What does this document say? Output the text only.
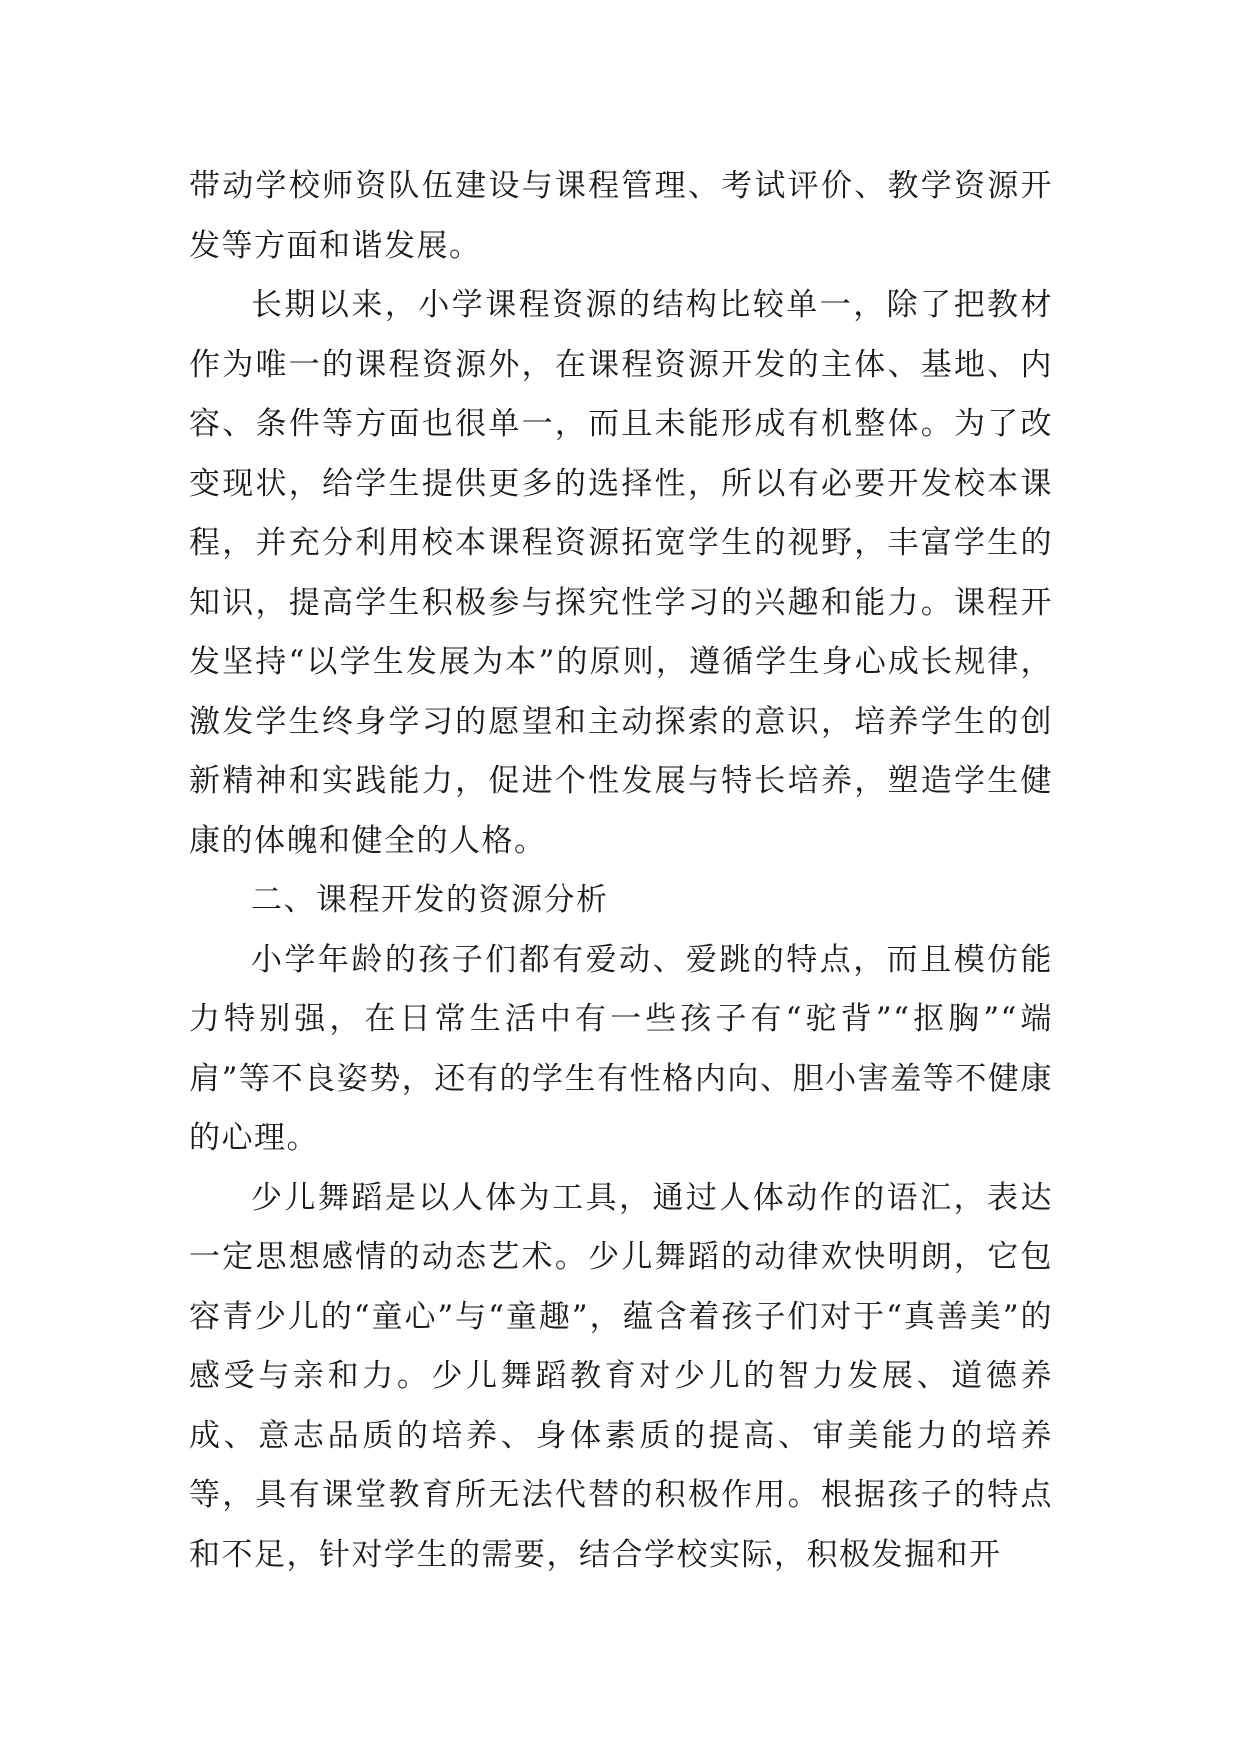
带动学校师资队伍建设与课程管理、考试评价、教学资源开发等方面和谐发展。

长期以来，小学课程资源的结构比较单一，除了把教材作为唯一的课程资源外，在课程资源开发的主体、基地、内容、条件等方面也很单一，而且未能形成有机整体。为了改变现状，给学生提供更多的选择性，所以有必要开发校本课程，并充分利用校本课程资源拓宽学生的视野，丰富学生的知识，提高学生积极参与探究性学习的兴趣和能力。课程开发坚持“以学生发展为本”的原则，遵循学生身心成长规律，激发学生终身学习的愿望和主动探索的意识，培养学生的创新精神和实践能力，促进个性发展与特长培养，塑造学生健康的体魄和健全的人格。

二、课程开发的资源分析

小学年龄的孩子们都有爱动、爱跳的特点，而且模仿能力特别强，在日常生活中有一些孩子有“驼背”“抠胸”“端肩”等不良姿势，还有的学生有性格内向、胆小害羞等不健康的心理。

少儿舞蹈是以人体为工具，通过人体动作的语汇，表达一定思想感情的动态艺术。少儿舞蹈的动律欢快明朗，它包容青少儿的“童心”与“童趣”，蕴含着孩子们对于“真善美”的感受与亲和力。少儿舞蹈教育对少儿的智力发展、道德养成、意志品质的培养、身体素质的提高、审美能力的培养等，具有课堂教育所无法代替的积极作用。根据孩子的特点和不足，针对学生的需要，结合学校实际，积极发掘和开
